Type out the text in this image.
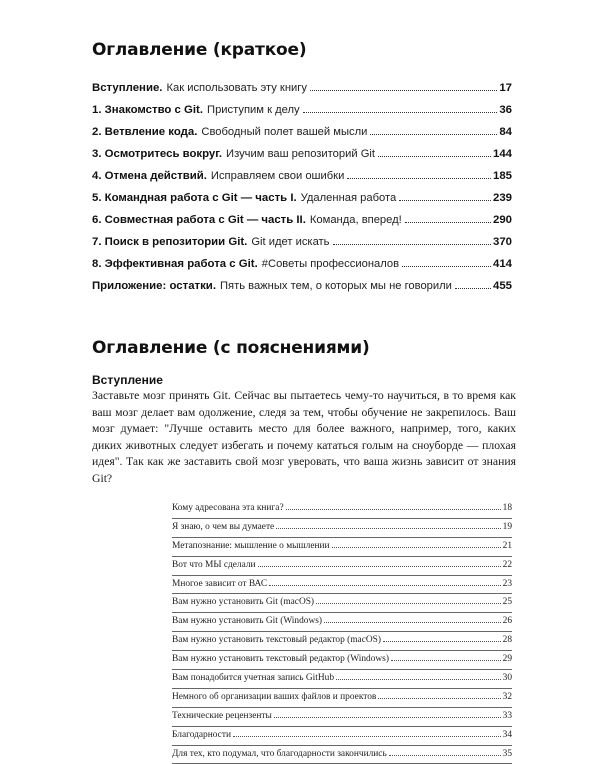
Оглавление (краткое)
Вступление. Как использовать эту книгу	17
1. Знакомство с Git. Приступим к делу	36
2. Ветвление кода. Свободный полет вашей мысли	84
3. Осмотритесь вокруг. Изучим ваш репозиторий Git	144
4. Отмена действий. Исправляем свои ошибки	185
5. Командная работа с Git — часть I. Удаленная работа	239
6. Совместная работа с Git — часть II. Команда, вперед!	290
7. Поиск в репозитории Git. Git идет искать	370
8. Эффективная работа с Git. #Советы профессионалов	414
Приложение: остатки. Пять важных тем, о которых мы не говорили	455
Оглавление (с пояснениями)
Вступление

Заставьте мозг принять Git. Сейчас вы пытаетесь чему-то научиться, в то время как ваш мозг делает вам одолжение, следя за тем, чтобы обучение не закрепилось. Ваш мозг думает: "Лучше оставить место для более важного, например, того, каких диких животных следует избегать и почему кататься голым на сноуборде — плохая идея". Так как же заставить свой мозг уверовать, что ваша жизнь зависит от знания Git?

Кому адресована эта книга?	18
Я знаю, о чем вы думаете	19
Метапознание: мышление о мышлении	21
Вот что МЫ сделали	22
Многое зависит от ВАС	23
Вам нужно установить Git (macOS)	25
Вам нужно установить Git (Windows)	26
Вам нужно установить текстовый редактор (macOS)	28
Вам нужно установить текстовый редактор (Windows)	29
Вам понадобится учетная запись GitHub	30
Немного об организации ваших файлов и проектов	32
Технические рецензенты	33
Благодарности	34
Для тех, кто подумал, что благодарности закончились	35
